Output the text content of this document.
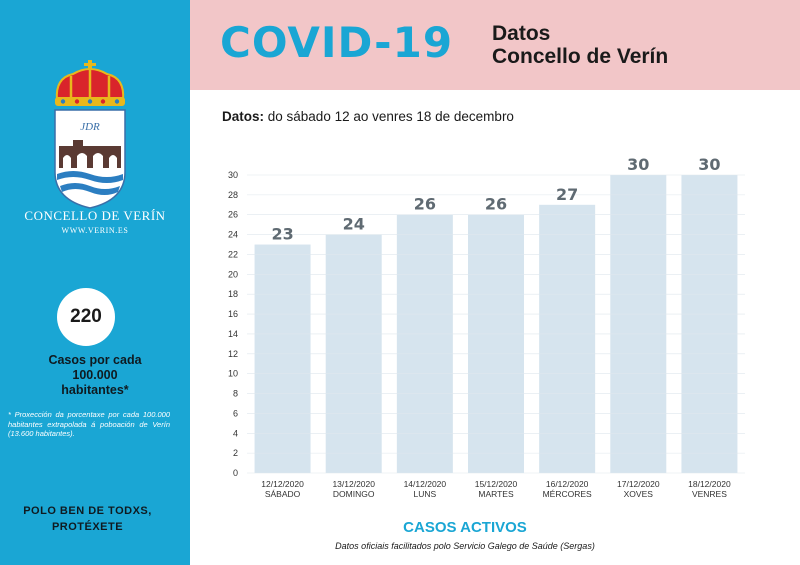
JDR
CONCELLO DE VERÍN
WWW.VERIN.ES
220
Casos por cada
100.000
habitantes*
* Proxección da porcentaxe por cada 100.000 habitantes extrapolada á poboación de Verín (13.600 habitantes).
POLO BEN DE TODXS,
PROTÉXETE
COVID-19 Datos
Concello de Verín
Datos: do sábado 12 ao venres 18 de decembro
0
2
4
6
8
10
12
14
16
18
20
22
24
26
28
30
23
12/12/2020
SÁBADO
24
13/12/2020
DOMINGO
26
14/12/2020
LUNS
26
15/12/2020
MARTES
27
16/12/2020
MÉRCORES
30
17/12/2020
XOVES
30
18/12/2020
VENRES
CASOS ACTIVOS
Datos oficiais facilitados polo Servicio Galego de Saúde (Sergas)
